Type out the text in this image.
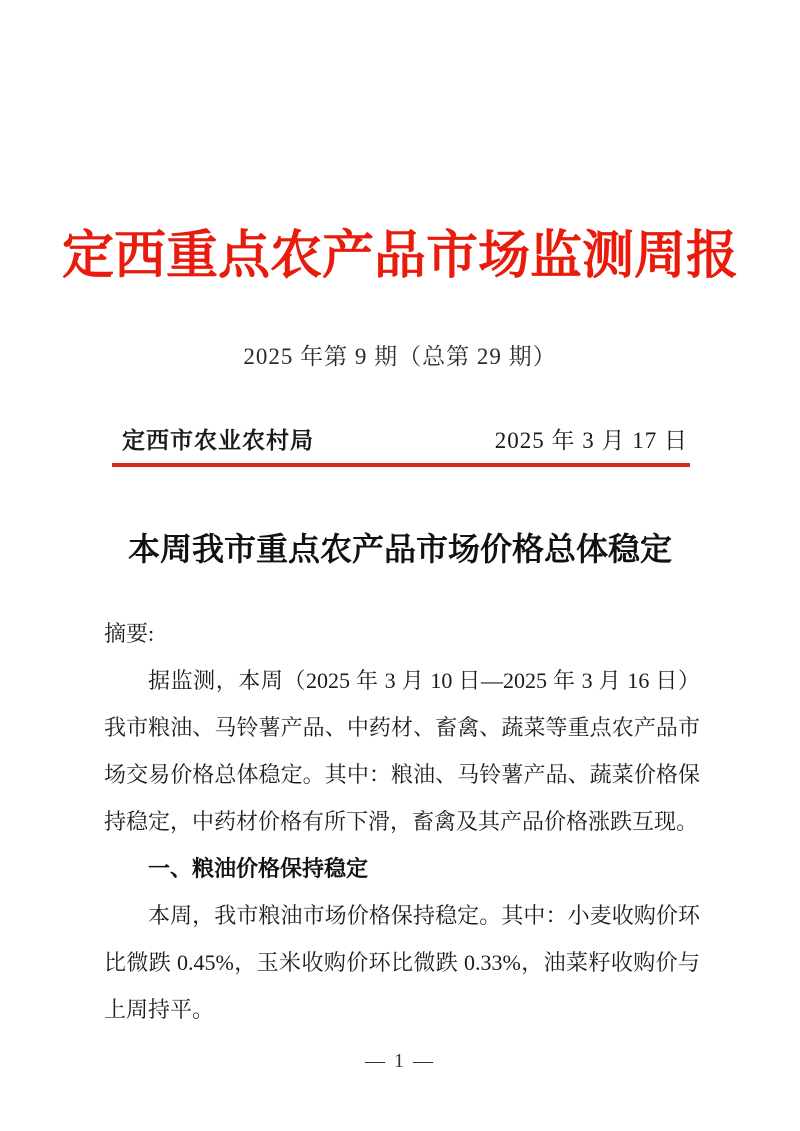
定西重点农产品市场监测周报
2025 年第 9 期（总第 29 期）
定西市农业农村局	2025 年 3 月 17 日
本周我市重点农产品市场价格总体稳定

摘要:

据监测，本周（2025 年 3 月 10 日—2025 年 3 月 16 日）我市粮油、马铃薯产品、中药材、畜禽、蔬菜等重点农产品市场交易价格总体稳定。其中：粮油、马铃薯产品、蔬菜价格保持稳定，中药材价格有所下滑，畜禽及其产品价格涨跌互现。

一、粮油价格保持稳定

本周，我市粮油市场价格保持稳定。其中：小麦收购价环比微跌 0.45%，玉米收购价环比微跌 0.33%，油菜籽收购价与上周持平。

— 1 —
